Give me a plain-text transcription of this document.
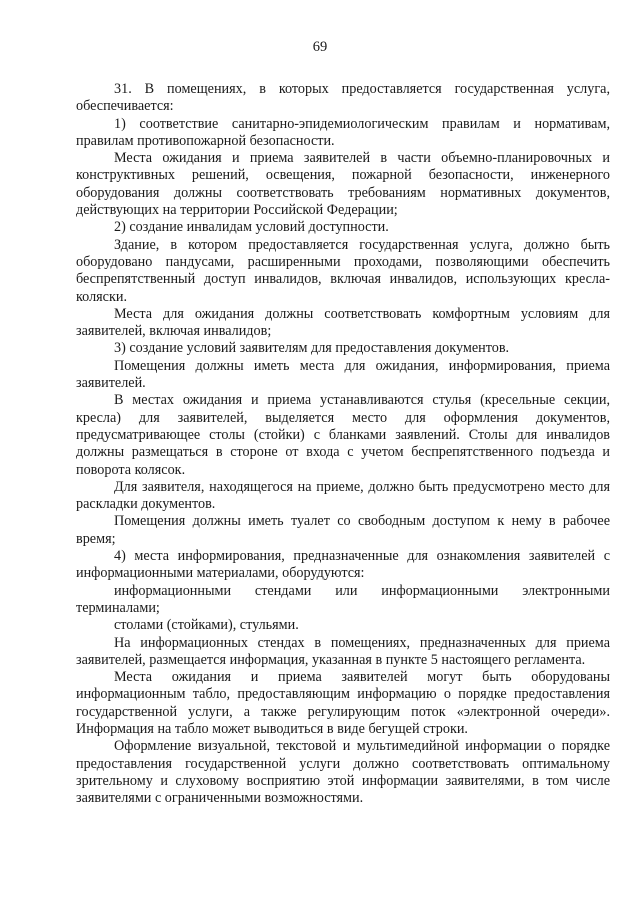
69

31. В помещениях, в которых предоставляется государственная услуга, обеспечивается:

1) соответствие санитарно-эпидемиологическим правилам и нормативам, правилам противопожарной безопасности.

Места ожидания и приема заявителей в части объемно-планировочных и конструктивных решений, освещения, пожарной безопасности, инженерного оборудования должны соответствовать требованиям нормативных документов, действующих на территории Российской Федерации;

2) создание инвалидам условий доступности.

Здание, в котором предоставляется государственная услуга, должно быть оборудовано пандусами, расширенными проходами, позволяющими обеспечить беспрепятственный доступ инвалидов, включая инвалидов, использующих кресла-коляски.

Места для ожидания должны соответствовать комфортным условиям для заявителей, включая инвалидов;

3) создание условий заявителям для предоставления документов.

Помещения должны иметь места для ожидания, информирования, приема заявителей.

В местах ожидания и приема устанавливаются стулья (кресельные секции, кресла) для заявителей, выделяется место для оформления документов, предусматривающее столы (стойки) с бланками заявлений. Столы для инвалидов должны размещаться в стороне от входа с учетом беспрепятственного подъезда и поворота колясок.

Для заявителя, находящегося на приеме, должно быть предусмотрено место для раскладки документов.

Помещения должны иметь туалет со свободным доступом к нему в рабочее время;

4) места информирования, предназначенные для ознакомления заявителей с информационными материалами, оборудуются:

информационными стендами или информационными электронными терминалами;

столами (стойками), стульями.

На информационных стендах в помещениях, предназначенных для приема заявителей, размещается информация, указанная в пункте 5 настоящего регламента.

Места ожидания и приема заявителей могут быть оборудованы информационным табло, предоставляющим информацию о порядке предоставления государственной услуги, а также регулирующим поток «электронной очереди». Информация на табло может выводиться в виде бегущей строки.

Оформление визуальной, текстовой и мультимедийной информации о порядке предоставления государственной услуги должно соответствовать оптимальному зрительному и слуховому восприятию этой информации заявителями, в том числе заявителями с ограниченными возможностями.
